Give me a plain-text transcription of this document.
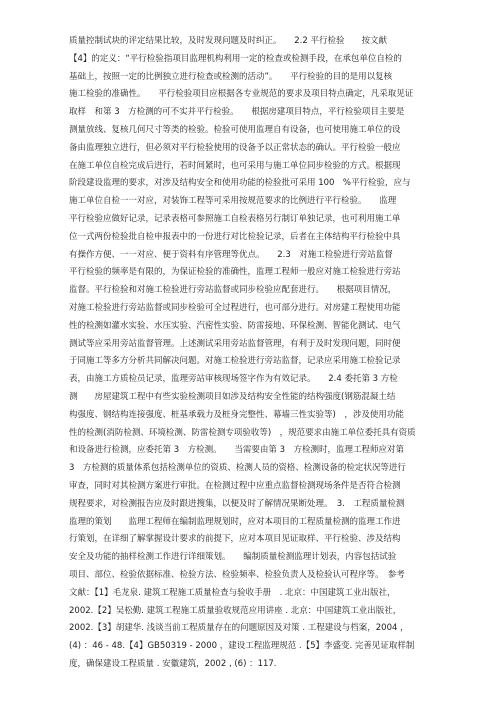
质量控制试块的评定结果比较，及时发现问题及时纠正。　　2.2 平行检验　　按文献
【4】的定义：“平行检验指项目监理机构利用一定的检查或检测手段，在承包单位自检的
基础上，按照一定的比例独立进行检查或检测的活动”。　　平行检验的目的是用以复核
施工检验的准确性。　　平行检验项目应根据各专业规范的要求及项目特点确定，凡采取见证
取样　和第 3　方检测的可不实并平行检验。　　根据房建项目特点，平行检验项目主要是
测量放线、复核几何尺寸等类的检验。检验可使用监理自有设备，也可使用施工单位的设
备由监理独立进行，但必须对平行检验使用的设备予以正常状态的确认。平行检验一般应
在施工单位自检完成后进行，若时间紧时，也可采用与施工单位同步检验的方式。根据现
阶段建设监理的要求，对涉及结构安全和使用功能的检验批可采用 100　%平行检验，应与
施工单位自检一一对应，对装饰工程等可采用按规范要求的比例进行平行检验。　　监理
平行检验应做好记录，记录表格可参照施工自检表格另行制订单独记录，也可利用施工单
位一式两份检验批自检申报表中的一份进行对比检验记录，后者在主体结构平行检验中具
有操作方便、一一对应、便于资料有序管理等优点。　　2.3　对施工检验进行旁站监督
平行检验的频率是有限的，为保证检验的准确性，监理工程师一般应对施工检验进行旁站
监督。平行检验和对施工检验进行旁站监督或同步检验应配套进行。　　根据项目情况，
对施工检验进行旁站监督或同步检验可全过程进行，也可部分进行。对房建工程使用功能
性的检测如灌水实验、水压实验、汽密性实验、防雷接地、环保检测、智能化测试、电气
测试等应采用旁站监督管理。上述测试采用旁站监督管理，有利于及时发现问题，同时便
于同施工等多方分析共同解决问题。对施工检验进行旁站监督，记录应采用施工检验记录
表，由施工方质检员记录，监理旁站审核现场签字作为有效记录。　　2.4 委托第 3 方检
测　　房屋建筑工程中有些实验检测项目如涉及结构安全性能的结构强度(钢筋混凝土结
构强度、钢结构连接强度、桩基承载力及桩身完整性、幕墙三性实验等)　，涉及使用功能
性的检测(消防检测、环境检测、防雷检测专项验收等)　，规范要求由施工单位委托具有资质
和设备进行检测，应委托第 3　方检测。　　当需要由第 3　方检测时，监理工程师应对第
3　方检测的质量体系包括检测单位的资质、检测人员的资格、检测设备的检定状况等进行
审查，同时对其检测方案进行审批。在检测过程中应重点监督检测现场条件是否符合检测
规程要求，对检测报告应及时跟进搜集，以便及时了解情况果断处理。　3.　工程质量检测
监理的策划　　监理工程师在编制监理规划时，应对本项目的工程质量检测的监理工作进
行策划，在详细了解掌握设计要求的前提下，应对本项目见证取样、平行检验、涉及结构
安全及功能的抽样检测工作进行详细策划。　　编制质量检测监理计划表，内容包括试验
项目、部位、检验依据标准、检验方法、检验频率、检验负责人及检验认可程序等。　参考
文献：【1】毛龙泉. 建筑工程施工质量检查与验收手册　. 北京：中国建筑工业出版社，
2002.【2】吴松勤. 建筑工程施工质量验收规范应用讲座 . 北京：中国建筑工业出版社，
2002.【3】胡建华. 浅谈当前工程质量存在的问题原因及对策 . 工程建设与档案，2004 ，
(4) ：46 - 48.【4】GB50319 - 2000 ，建设工程监理规范 .【5】李盛变. 完善见证取样制
度，确保建设工程质量 . 安徽建筑，2002 , (6) ：117.
